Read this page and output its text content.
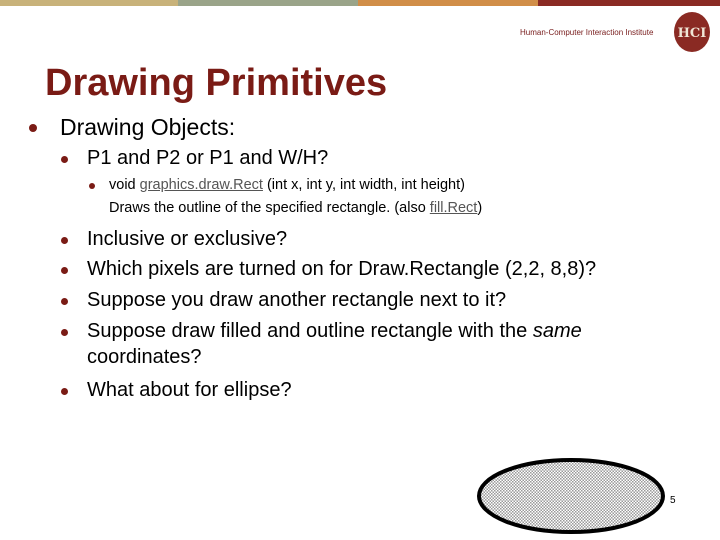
Human-Computer Interaction Institute	HCI
Drawing Primitives
Drawing Objects:
P1 and P2 or P1 and W/H?
void graphics.draw.Rect (int x, int y, int width, int height)
Draws the outline of the specified rectangle. (also fill.Rect)
Inclusive or exclusive?
Which pixels are turned on for Draw.Rectangle (2,2, 8,8)?
Suppose you draw another rectangle next to it?
Suppose draw filled and outline rectangle with the same
coordinates?
What about for ellipse?
5
